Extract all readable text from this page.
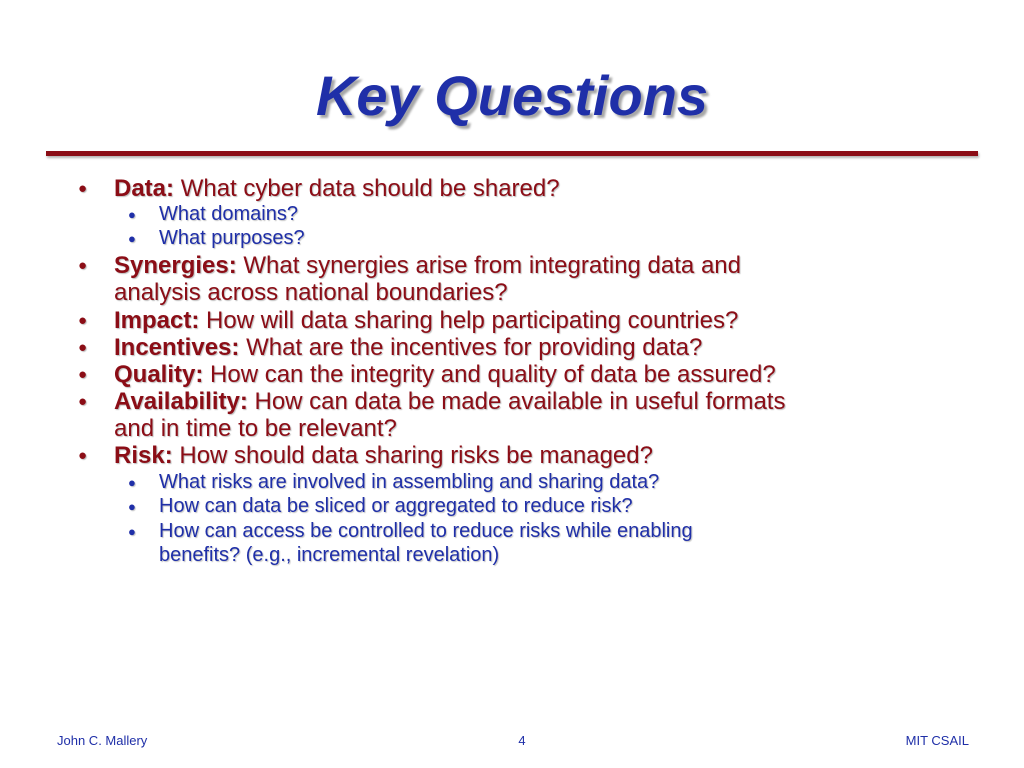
Key Questions
● Data: What cyber data should be shared?
● What domains?
● What purposes?
● Synergies: What synergies arise from integrating data and
analysis across national boundaries?
● Impact: How will data sharing help participating countries?
● Incentives: What are the incentives for providing data?
● Quality: How can the integrity and quality of data be assured?
● Availability: How can data be made available in useful formats
and in time to be relevant?
● Risk: How should data sharing risks be managed?
● What risks are involved in assembling and sharing data?
● How can data be sliced or aggregated to reduce risk?
● How can access be controlled to reduce risks while enabling
benefits? (e.g., incremental revelation)
John C. Mallery	4	MIT CSAIL
